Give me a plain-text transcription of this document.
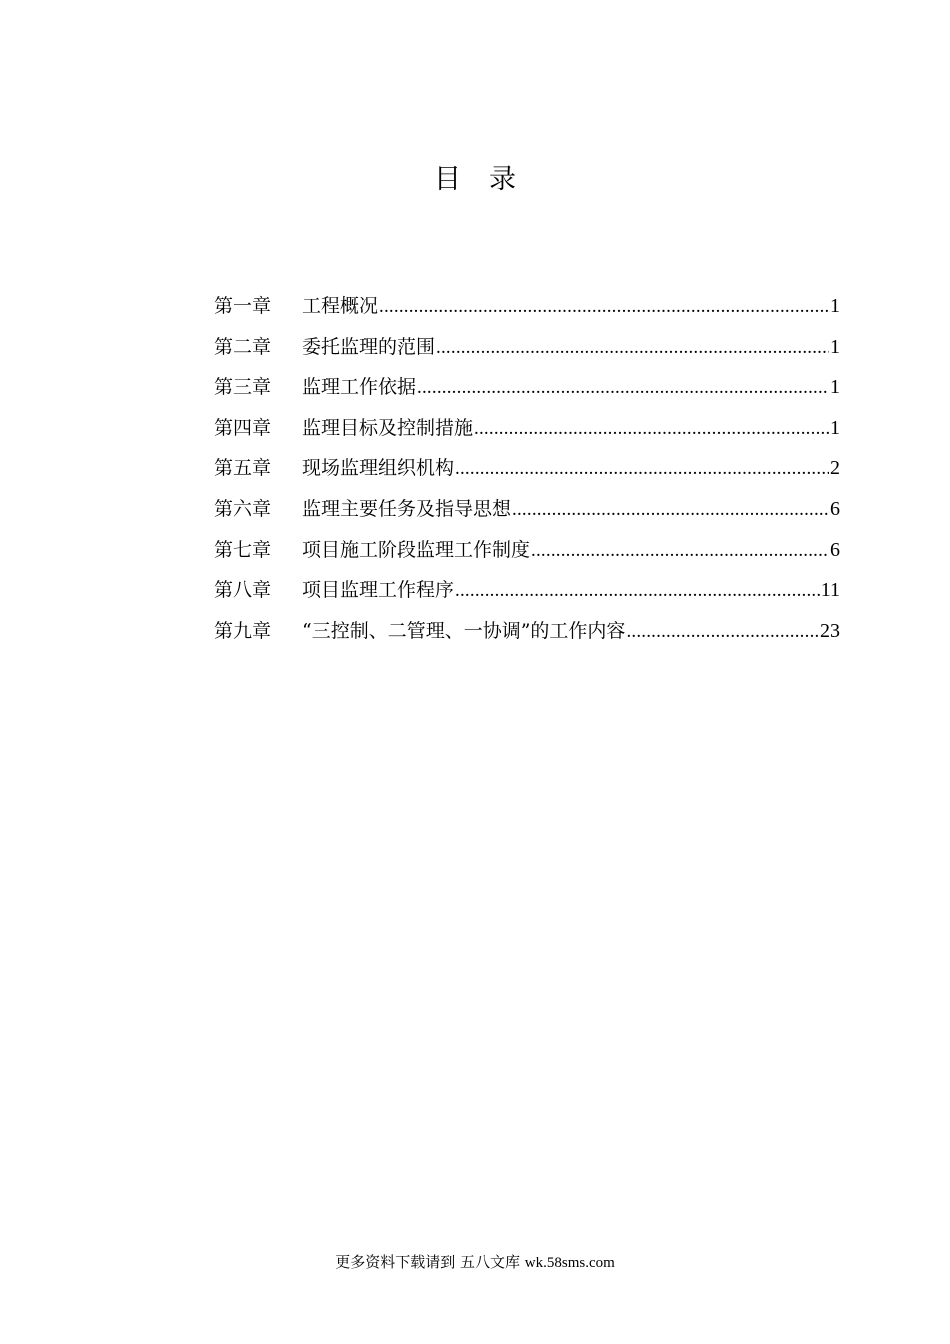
目录
第一章	工程概况 .....	1
第二章	委托监理的范围 .....	1
第三章	监理工作依据 .....	1
第四章	监理目标及控制措施 .....	1
第五章	现场监理组织机构 .....	2
第六章	监理主要任务及指导思想 .....	6
第七章	项目施工阶段监理工作制度 .....	6
第八章	项目监理工作程序 .....	11
第九章	“三控制、二管理、一协调”的工作内容 .....	23
更多资料下载请到 五八文库 wk.58sms.com
